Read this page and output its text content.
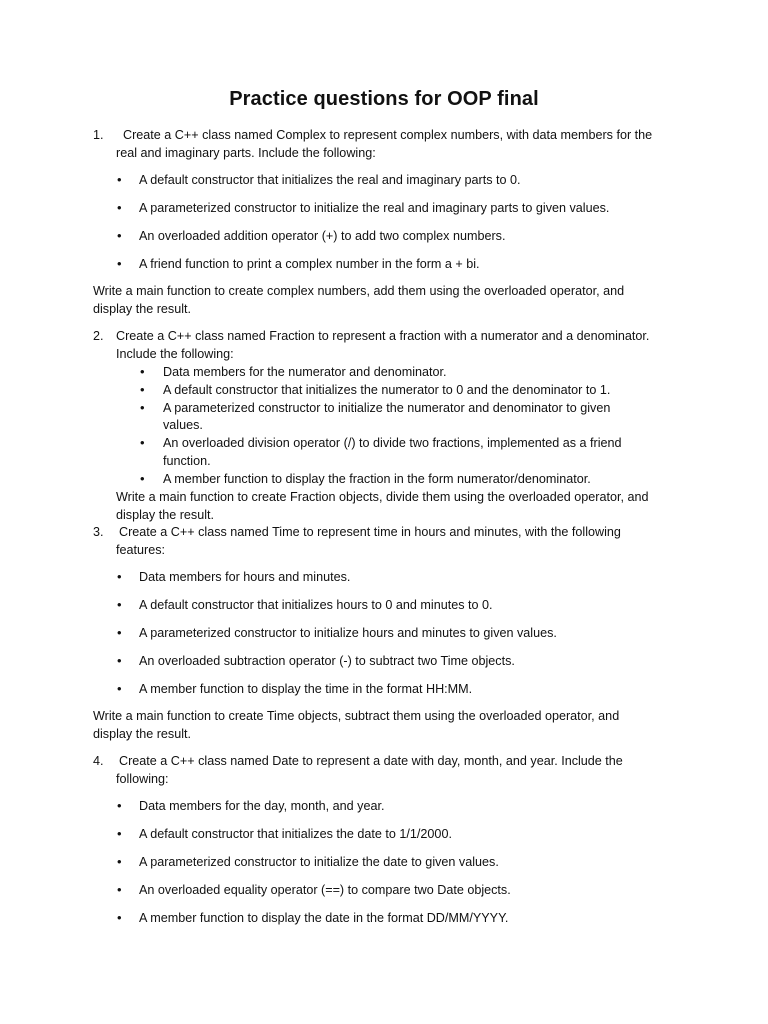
Practice questions for OOP final
1. Create a C++ class named Complex to represent complex numbers, with data members for the
real and imaginary parts. Include the following:
• A default constructor that initializes the real and imaginary parts to 0.
• A parameterized constructor to initialize the real and imaginary parts to given values.
• An overloaded addition operator (+) to add two complex numbers.
• A friend function to print a complex number in the form a + bi.
Write a main function to create complex numbers, add them using the overloaded operator, and
display the result.
2. Create a C++ class named Fraction to represent a fraction with a numerator and a denominator.
Include the following:
• Data members for the numerator and denominator.
• A default constructor that initializes the numerator to 0 and the denominator to 1.
• A parameterized constructor to initialize the numerator and denominator to given
values.
• An overloaded division operator (/) to divide two fractions, implemented as a friend
function.
• A member function to display the fraction in the form numerator/denominator.
Write a main function to create Fraction objects, divide them using the overloaded operator, and
display the result.
3. Create a C++ class named Time to represent time in hours and minutes, with the following
features:
• Data members for hours and minutes.
• A default constructor that initializes hours to 0 and minutes to 0.
• A parameterized constructor to initialize hours and minutes to given values.
• An overloaded subtraction operator (-) to subtract two Time objects.
• A member function to display the time in the format HH:MM.
Write a main function to create Time objects, subtract them using the overloaded operator, and
display the result.
4. Create a C++ class named Date to represent a date with day, month, and year. Include the
following:
• Data members for the day, month, and year.
• A default constructor that initializes the date to 1/1/2000.
• A parameterized constructor to initialize the date to given values.
• An overloaded equality operator (==) to compare two Date objects.
• A member function to display the date in the format DD/MM/YYYY.
